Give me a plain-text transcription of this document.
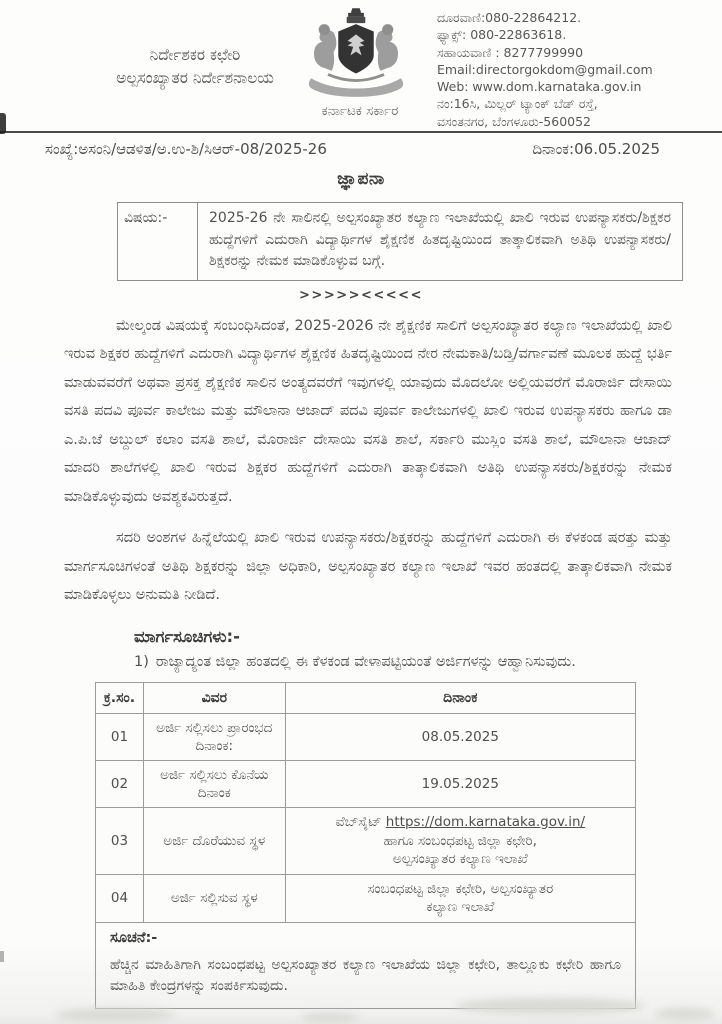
ನಿರ್ದೇಶಕರ ಕಛೇರಿ
ಅಲ್ಪಸಂಖ್ಯಾತರ ನಿರ್ದೇಶನಾಲಯ
ಕರ್ನಾಟಕ ಸರ್ಕಾರ
ದೂರವಾಣಿ:080-22864212.
ಫ್ಯಾಕ್ಸ್: 080-22863618.
ಸಹಾಯವಾಣಿ : 8277799990
Email:directorgokdom@gmail.com
Web: www.dom.karnataka.gov.in
ನಂ:16ಸಿ, ಮಿಲ್ಲರ್ ಟ್ಯಾಂಕ್ ಬೆಡ್ ರಸ್ತೆ,
ವಸಂತನಗರ, ಬೆಂಗಳೂರು-560052
ಸಂಖ್ಯೆ:ಅಸಂನಿ/ಆಡಳಿತ/ಅ.ಉ-ಶಿ/ಸಿಆರ್-08/2025-26	ದಿನಾಂಕ:06.05.2025
ಜ್ಞಾಪನಾ
ವಿಷಯ:-	2025-26 ನೇ ಸಾಲಿನಲ್ಲಿ ಅಲ್ಪಸಂಖ್ಯಾತರ ಕಲ್ಯಾಣ ಇಲಾಖೆಯಲ್ಲಿ ಖಾಲಿ ಇರುವ ಉಪನ್ಯಾಸಕರು/ಶಿಕ್ಷಕರ ಹುದ್ದೆಗಳಿಗೆ ಎದುರಾಗಿ ವಿದ್ಯಾರ್ಥಿಗಳ ಶೈಕ್ಷಣಿಕ ಹಿತದೃಷ್ಟಿಯಿಂದ ತಾತ್ಕಾಲಿಕವಾಗಿ ಅತಿಥಿ ಉಪನ್ಯಾಸಕರು/ಶಿಕ್ಷಕರನ್ನು ನೇಮಕ ಮಾಡಿಕೊಳ್ಳುವ ಬಗ್ಗೆ.
>>>>><<<<<

ಮೇಲ್ಕಂಡ ವಿಷಯಕ್ಕೆ ಸಂಬಂಧಿಸಿದಂತೆ, 2025-2026 ನೇ ಶೈಕ್ಷಣಿಕ ಸಾಲಿಗೆ ಅಲ್ಪಸಂಖ್ಯಾತರ ಕಲ್ಯಾಣ ಇಲಾಖೆಯಲ್ಲಿ ಖಾಲಿ ಇರುವ ಶಿಕ್ಷಕರ ಹುದ್ದೆಗಳಿಗೆ ಎದುರಾಗಿ ವಿದ್ಯಾರ್ಥಿಗಳ ಶೈಕ್ಷಣಿಕ ಹಿತದೃಷ್ಟಿಯಿಂದ ನೇರ ನೇಮಕಾತಿ/ಬಡ್ತಿ/ವರ್ಗಾವಣೆ ಮೂಲಕ ಹುದ್ದೆ ಭರ್ತಿ ಮಾಡುವವರೆಗೆ ಅಥವಾ ಪ್ರಸಕ್ತ ಶೈಕ್ಷಣಿಕ ಸಾಲಿನ ಅಂತ್ಯದವರೆಗೆ ಇವುಗಳಲ್ಲಿ ಯಾವುದು ಮೊದಲೋ ಅಲ್ಲಿಯವರೆಗೆ ಮೊರಾರ್ಜಿ ದೇಸಾಯಿ ವಸತಿ ಪದವಿ ಪೂರ್ವ ಕಾಲೇಜು ಮತ್ತು ಮೌಲಾನಾ ಆಜಾದ್ ಪದವಿ ಪೂರ್ವ ಕಾಲೇಜುಗಳಲ್ಲಿ ಖಾಲಿ ಇರುವ ಉಪನ್ಯಾಸಕರು ಹಾಗೂ ಡಾ ಎ.ಪಿ.ಜೆ ಅಬ್ದುಲ್ ಕಲಾಂ ವಸತಿ ಶಾಲೆ, ಮೊರಾರ್ಜಿ ದೇಸಾಯಿ ವಸತಿ ಶಾಲೆ, ಸರ್ಕಾರಿ ಮುಸ್ಲಿಂ ವಸತಿ ಶಾಲೆ, ಮೌಲಾನಾ ಆಜಾದ್ ಮಾದರಿ ಶಾಲೆಗಳಲ್ಲಿ ಖಾಲಿ ಇರುವ ಶಿಕ್ಷಕರ ಹುದ್ದೆಗಳಿಗೆ ಎದುರಾಗಿ ತಾತ್ಕಾಲಿಕವಾಗಿ ಅತಿಥಿ ಉಪನ್ಯಾಸಕರು/ಶಿಕ್ಷಕರನ್ನು ನೇಮಕ ಮಾಡಿಕೊಳ್ಳುವುದು ಅವಶ್ಯಕವಿರುತ್ತದೆ.

ಸದರಿ ಅಂಶಗಳ ಹಿನ್ನೆಲೆಯಲ್ಲಿ ಖಾಲಿ ಇರುವ ಉಪನ್ಯಾಸಕರು/ಶಿಕ್ಷಕರನ್ನು ಹುದ್ದೆಗಳಿಗೆ ಎದುರಾಗಿ ಈ ಕೆಳಕಂಡ ಷರತ್ತು ಮತ್ತು ಮಾರ್ಗಸೂಚಿಗಳಂತೆ ಅತಿಥಿ ಶಿಕ್ಷಕರನ್ನು ಜಿಲ್ಲಾ ಅಧಿಕಾರಿ, ಅಲ್ಪಸಂಖ್ಯಾತರ ಕಲ್ಯಾಣ ಇಲಾಖೆ ಇವರ ಹಂತದಲ್ಲಿ ತಾತ್ಕಾಲಿಕವಾಗಿ ನೇಮಕ ಮಾಡಿಕೊಳ್ಳಲು ಅನುಮತಿ ನೀಡಿದೆ.

ಮಾರ್ಗಸೂಚಿಗಳು:-
1) ರಾಜ್ಯಾದ್ಯಂತ ಜಿಲ್ಲಾ ಹಂತದಲ್ಲಿ ಈ ಕೆಳಕಂಡ ವೇಳಾಪಟ್ಟಿಯಂತೆ ಅರ್ಜಿಗಳನ್ನು ಆಹ್ವಾನಿಸುವುದು.
ಕ್ರ.ಸಂ.	ವಿವರ	ದಿನಾಂಕ
01	ಅರ್ಜಿ ಸಲ್ಲಿಸಲು ಪ್ರಾರಂಭದ ದಿನಾಂಕ:	08.05.2025

02	ಅರ್ಜಿ ಸಲ್ಲಿಸಲು ಕೊನೆಯ ದಿನಾಂಕ	19.05.2025

03	ಅರ್ಜಿ ದೊರೆಯುವ ಸ್ಥಳ	ವೆಬ್‌ಸೈಟ್ https://dom.karnataka.gov.in/
ಹಾಗೂ ಸಂಬಂಧಪಟ್ಟ ಜಿಲ್ಲಾ ಕಛೇರಿ,
ಅಲ್ಪಸಂಖ್ಯಾತರ ಕಲ್ಯಾಣ ಇಲಾಖೆ

04	ಅರ್ಜಿ ಸಲ್ಲಿಸುವ ಸ್ಥಳ	ಸಂಬಂಧಪಟ್ಟ ಜಿಲ್ಲಾ ಕಛೇರಿ, ಅಲ್ಪಸಂಖ್ಯಾತರ
ಕಲ್ಯಾಣ ಇಲಾಖೆ

ಸೂಚನೆ:-
ಹೆಚ್ಚಿನ ಮಾಹಿತಿಗಾಗಿ ಸಂಬಂಧಪಟ್ಟ ಅಲ್ಪಸಂಖ್ಯಾತರ ಕಲ್ಯಾಣ ಇಲಾಖೆಯ ಜಿಲ್ಲಾ ಕಛೇರಿ, ತಾಲ್ಲೂಕು ಕಛೇರಿ ಹಾಗೂ ಮಾಹಿತಿ ಕೇಂದ್ರಗಳನ್ನು ಸಂಪರ್ಕಿಸುವುದು.		
